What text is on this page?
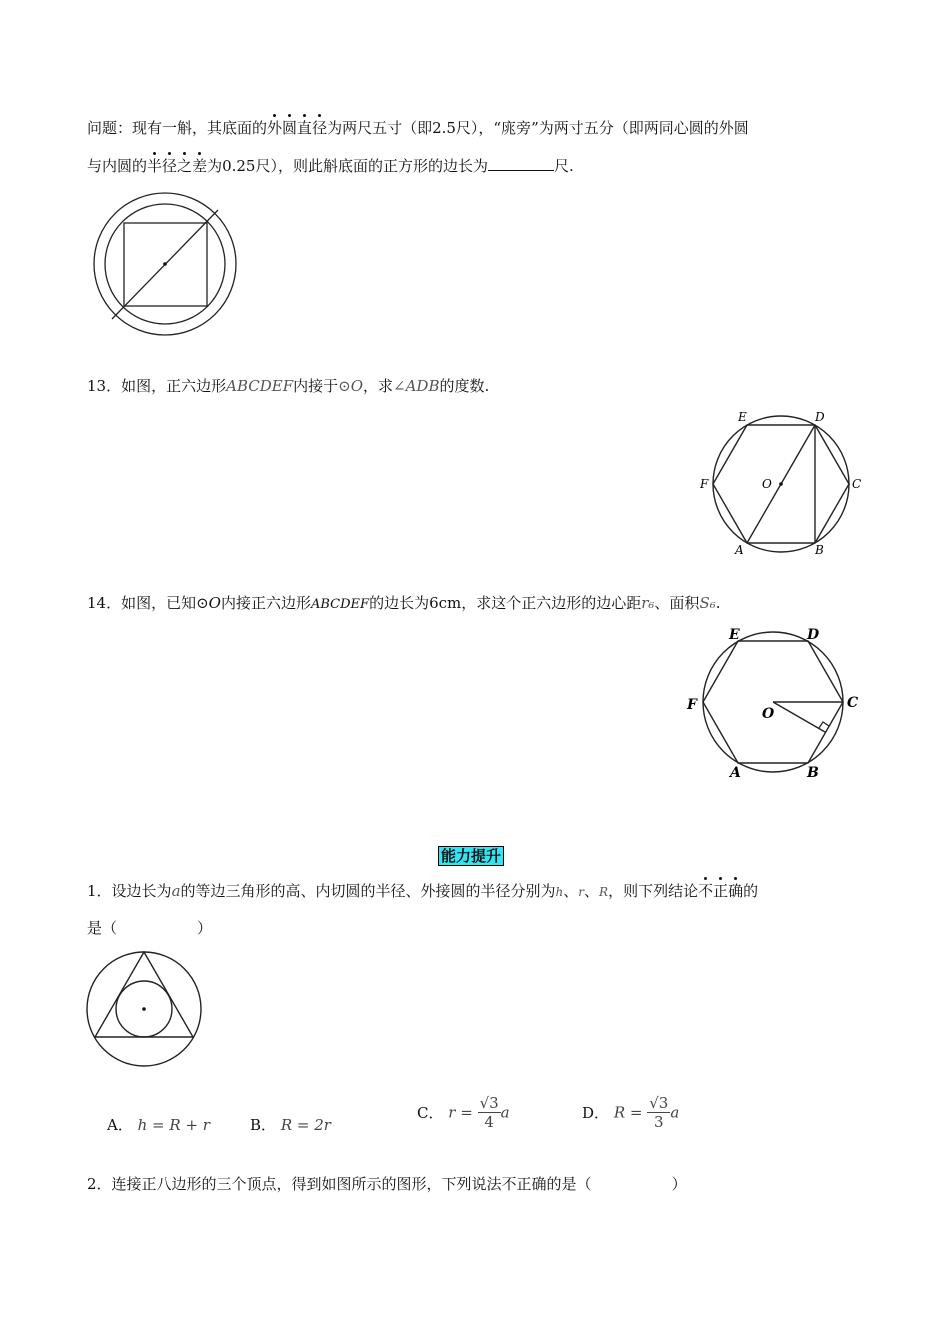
问题：现有一斛，其底面的外圆直径为两尺五寸（即2.5尺），“庣旁”为两寸五分（即两同心圆的外圆
与内圆的半径之差为0.25尺），则此斛底面的正方形的边长为	尺.
13．如图，正六边形ABCDEF内接于⊙O，求∠ADB的度数.
E	D
F	C
O
A	B
14．如图，已知⊙O内接正六边形ABCDEF的边长为6cm，求这个正六边形的边心距r₆、面积S₆.
E	D
F	C
O
A	B
能力提升
1．设边长为a的等边三角形的高、内切圆的半径、外接圆的半径分别为h、r、R，则下列结论不正确的
是（	）
A． h = R + r	B． R = 2r
C． $r = \frac{√3}{4}$ a	D． $R = \frac{√3}{3}$ a
2．连接正八边形的三个顶点，得到如图所示的图形，下列说法不正确的是（	）
